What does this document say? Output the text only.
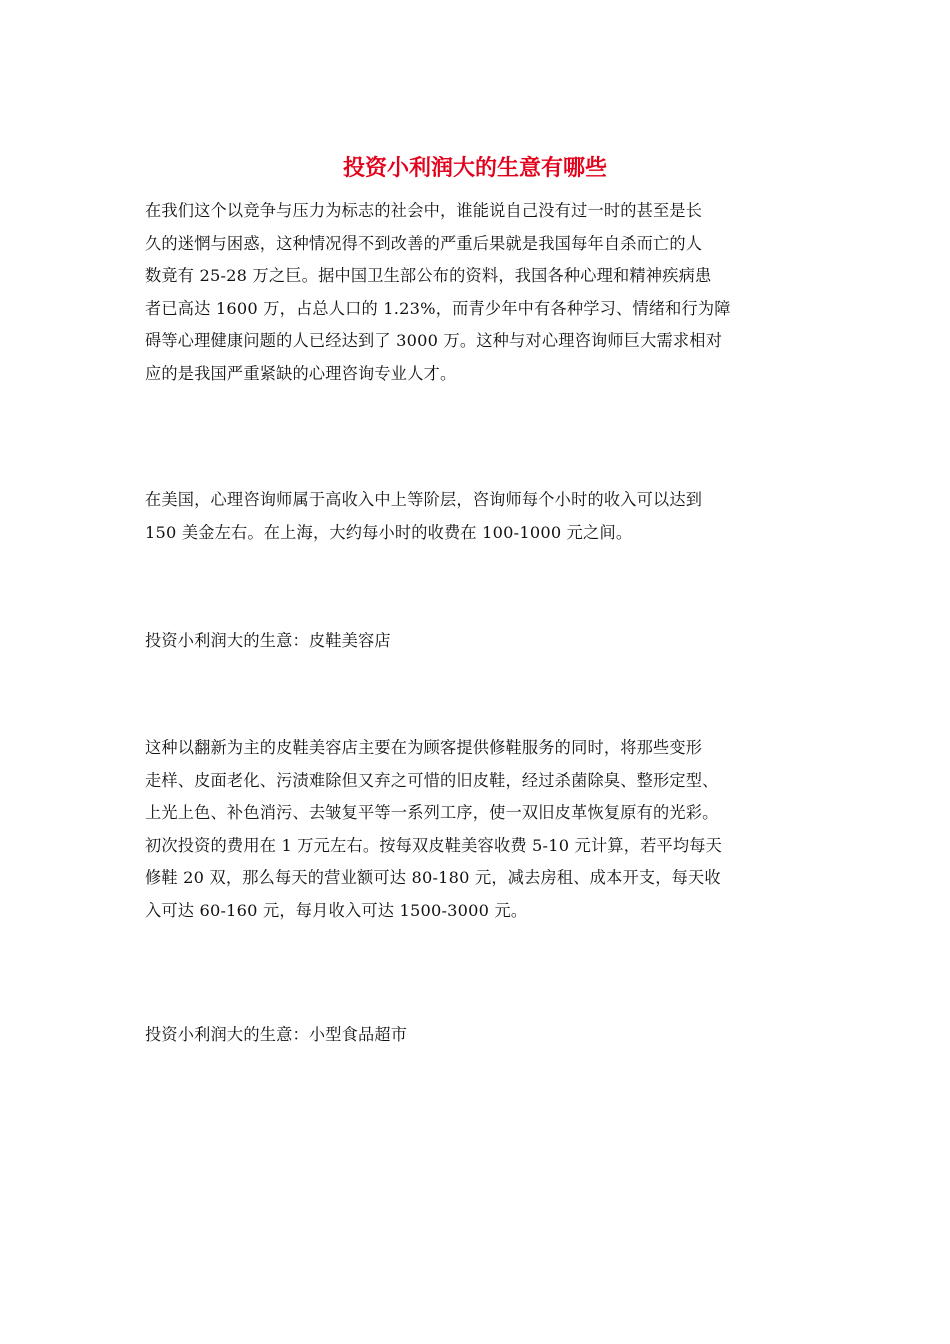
投资小利润大的生意有哪些
在我们这个以竞争与压力为标志的社会中，谁能说自己没有过一时的甚至是长
久的迷惘与困惑，这种情况得不到改善的严重后果就是我国每年自杀而亡的人
数竟有 25-28 万之巨。据中国卫生部公布的资料，我国各种心理和精神疾病患
者已高达 1600 万，占总人口的 1.23%，而青少年中有各种学习、情绪和行为障
碍等心理健康问题的人已经达到了 3000 万。这种与对心理咨询师巨大需求相对
应的是我国严重紧缺的心理咨询专业人才。
在美国，心理咨询师属于高收入中上等阶层，咨询师每个小时的收入可以达到
150 美金左右。在上海，大约每小时的收费在 100-1000 元之间。
投资小利润大的生意：皮鞋美容店
这种以翻新为主的皮鞋美容店主要在为顾客提供修鞋服务的同时，将那些变形
走样、皮面老化、污渍难除但又弃之可惜的旧皮鞋，经过杀菌除臭、整形定型、
上光上色、补色消污、去皱复平等一系列工序，使一双旧皮革恢复原有的光彩。
初次投资的费用在 1 万元左右。按每双皮鞋美容收费 5-10 元计算，若平均每天
修鞋 20 双，那么每天的营业额可达 80-180 元，减去房租、成本开支，每天收
入可达 60-160 元，每月收入可达 1500-3000 元。
投资小利润大的生意：小型食品超市
